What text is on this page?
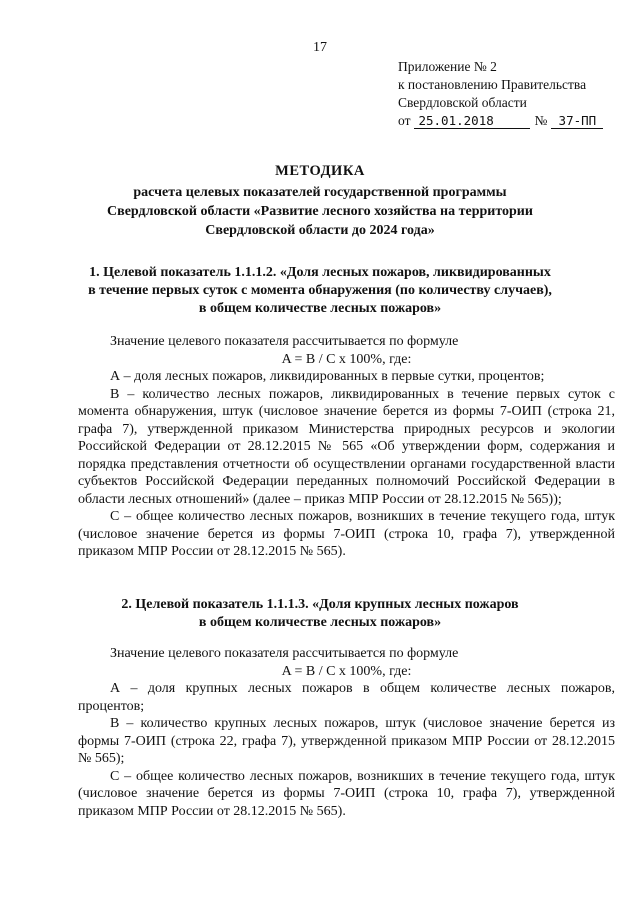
17
Приложение № 2
к постановлению Правительства
Свердловской области
от 25.01.2018	№ 37-ПП
МЕТОДИКА
расчета целевых показателей государственной программы
Свердловской области «Развитие лесного хозяйства на территории
Свердловской области до 2024 года»
1. Целевой показатель 1.1.1.2. «Доля лесных пожаров, ликвидированных
в течение первых суток с момента обнаружения (по количеству случаев),
в общем количестве лесных пожаров»

Значение целевого показателя рассчитывается по формуле

A = B / C x 100%, где:

А – доля лесных пожаров, ликвидированных в первые сутки, процентов;

В – количество лесных пожаров, ликвидированных в течение первых суток с момента обнаружения, штук (числовое значение берется из формы 7-ОИП (строка 21, графа 7), утвержденной приказом Министерства природных ресурсов и экологии Российской Федерации от 28.12.2015 № 565 «Об утверждении форм, содержания и порядка представления отчетности об осуществлении органами государственной власти субъектов Российской Федерации переданных полномочий Российской Федерации в области лесных отношений» (далее – приказ МПР России от 28.12.2015 № 565));

С – общее количество лесных пожаров, возникших в течение текущего года, штук (числовое значение берется из формы 7-ОИП (строка 10, графа 7), утвержденной приказом МПР России от 28.12.2015 № 565).

2. Целевой показатель 1.1.1.3. «Доля крупных лесных пожаров
в общем количестве лесных пожаров»

Значение целевого показателя рассчитывается по формуле

A = B / C x 100%, где:

А – доля крупных лесных пожаров в общем количестве лесных пожаров, процентов;

В – количество крупных лесных пожаров, штук (числовое значение берется из формы 7-ОИП (строка 22, графа 7), утвержденной приказом МПР России от 28.12.2015 № 565);

С – общее количество лесных пожаров, возникших в течение текущего года, штук (числовое значение берется из формы 7-ОИП (строка 10, графа 7), утвержденной приказом МПР России от 28.12.2015 № 565).
